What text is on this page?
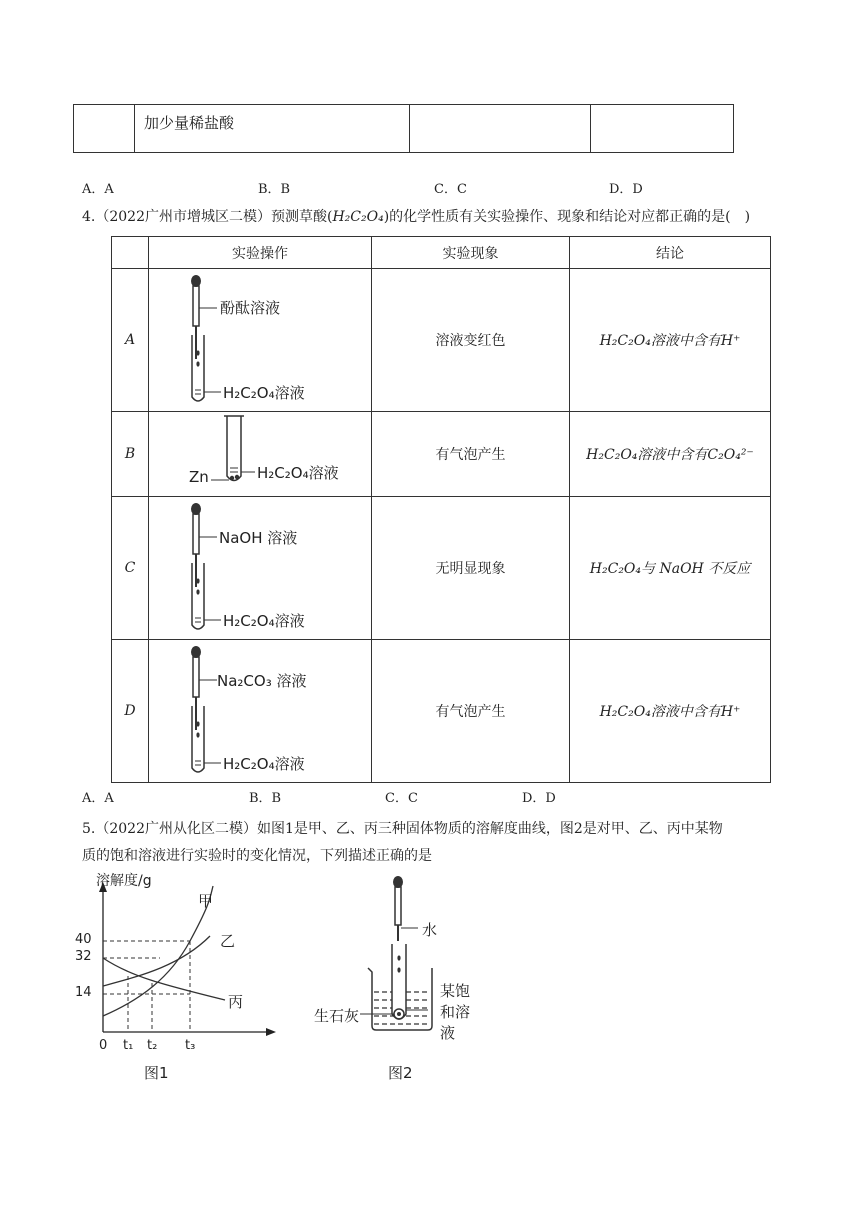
	加少量稀盐酸		
A．A	B．B	C．C	D．D
4.（2022广州市增城区二模）预测草酸(H₂C₂O₄)的化学性质有关实验操作、现象和结论对应都正确的是(　)
	实验操作	实验现象	结论
A	酚酞溶液
H₂C₂O₄溶液	溶液变红色	H₂C₂O₄溶液中含有H⁺
B	Zn H₂C₂O₄溶液	有气泡产生	H₂C₂O₄溶液中含有C₂O₄²⁻
C	NaOH 溶液
H₂C₂O₄溶液	无明显现象	H₂C₂O₄与 NaOH 不反应
D	Na₂CO₃ 溶液
H₂C₂O₄溶液	有气泡产生	H₂C₂O₄溶液中含有H⁺
A．A	B．B	C．C	D．D
5.（2022广州从化区二模）如图1是甲、乙、丙三种固体物质的溶解度曲线，图2是对甲、乙、丙中某物
质的饱和溶液进行实验时的变化情况，下列描述正确的是
溶解度/g
40
32
14
0 t₁ t₂ t₃
甲
乙
丙
图1
水
生石灰
某饱
和溶
液
图2
